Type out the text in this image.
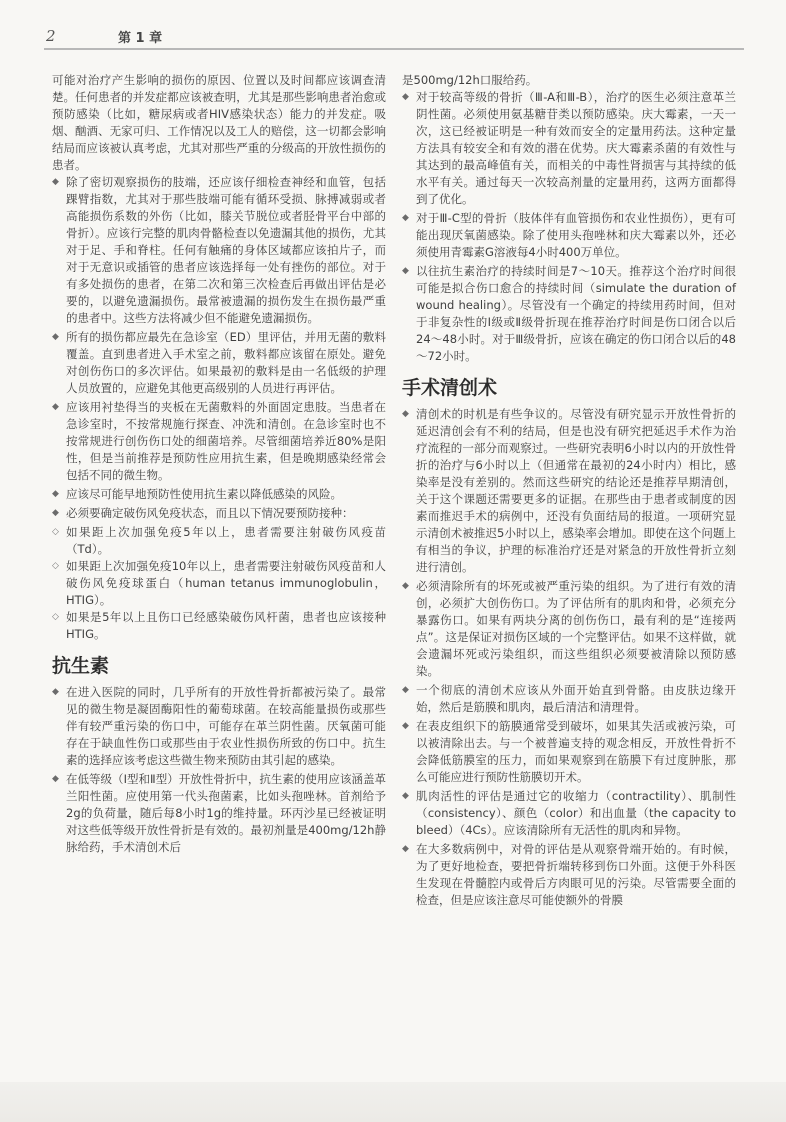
2	第 1 章

可能对治疗产生影响的损伤的原因、位置以及时间都应该调查清楚。任何患者的并发症都应该被查明，尤其是那些影响患者治愈或预防感染（比如，糖尿病或者HIV感染状态）能力的并发症。吸烟、酗酒、无家可归、工作情况以及工人的赔偿，这一切都会影响结局而应该被认真考虑，尤其对那些严重的分级高的开放性损伤的患者。

◆ 除了密切观察损伤的肢端，还应该仔细检查神经和血管，包括踝臂指数，尤其对于那些肢端可能有循环受损、脉搏减弱或者高能损伤系数的外伤（比如，膝关节脱位或者胫骨平台中部的骨折）。应该行完整的肌肉骨骼检查以免遗漏其他的损伤，尤其对于足、手和脊柱。任何有触痛的身体区域都应该拍片子，而对于无意识或插管的患者应该选择每一处有挫伤的部位。对于有多处损伤的患者，在第二次和第三次检查后再做出评估是必要的，以避免遗漏损伤。最常被遗漏的损伤发生在损伤最严重的患者中。这些方法将减少但不能避免遗漏损伤。
◆ 所有的损伤都应最先在急诊室（ED）里评估，并用无菌的敷料覆盖。直到患者进入手术室之前，敷料都应该留在原处。避免对创伤伤口的多次评估。如果最初的敷料是由一名低级的护理人员放置的，应避免其他更高级别的人员进行再评估。
◆ 应该用衬垫得当的夹板在无菌敷料的外面固定患肢。当患者在急诊室时，不按常规施行探查、冲洗和清创。在急诊室时也不按常规进行创伤伤口处的细菌培养。尽管细菌培养近80%是阳性，但是当前推荐是预防性应用抗生素，但是晚期感染经常会包括不同的微生物。
◆ 应该尽可能早地预防性使用抗生素以降低感染的风险。
◆ 必须要确定破伤风免疫状态，而且以下情况要预防接种：
◇ 如果距上次加强免疫5年以上，患者需要注射破伤风疫苗（Td）。
◇ 如果距上次加强免疫10年以上，患者需要注射破伤风疫苗和人破伤风免疫球蛋白（human tetanus immunoglobulin，HTIG）。
◇ 如果是5年以上且伤口已经感染破伤风杆菌，患者也应该接种HTIG。
抗生素
◆ 在进入医院的同时，几乎所有的开放性骨折都被污染了。最常见的微生物是凝固酶阳性的葡萄球菌。在较高能量损伤或那些伴有较严重污染的伤口中，可能存在革兰阴性菌。厌氧菌可能存在于缺血性伤口或那些由于农业性损伤所致的伤口中。抗生素的选择应该考虑这些微生物来预防由其引起的感染。
◆ 在低等级（Ⅰ型和Ⅱ型）开放性骨折中，抗生素的使用应该涵盖革兰阳性菌。应使用第一代头孢菌素，比如头孢唑林。首剂给予2g的负荷量，随后每8小时1g的维持量。环丙沙星已经被证明对这些低等级开放性骨折是有效的。最初剂量是400mg/12h静脉给药，手术清创术后

是500mg/12h口服给药。

◆ 对于较高等级的骨折（Ⅲ-A和Ⅲ-B），治疗的医生必须注意革兰阴性菌。必须使用氨基糖苷类以预防感染。庆大霉素，一天一次，这已经被证明是一种有效而安全的定量用药法。这种定量方法具有较安全和有效的潜在优势。庆大霉素杀菌的有效性与其达到的最高峰值有关，而相关的中毒性肾损害与其持续的低水平有关。通过每天一次较高剂量的定量用药，这两方面都得到了优化。
◆ 对于Ⅲ-C型的骨折（肢体伴有血管损伤和农业性损伤），更有可能出现厌氧菌感染。除了使用头孢唑林和庆大霉素以外，还必须使用青霉素G溶液每4小时400万单位。
◆ 以往抗生素治疗的持续时间是7～10天。推荐这个治疗时间很可能是拟合伤口愈合的持续时间（simulate the duration of wound healing）。尽管没有一个确定的持续用药时间，但对于非复杂性的Ⅰ级或Ⅱ级骨折现在推荐治疗时间是伤口闭合以后24～48小时。对于Ⅲ级骨折，应该在确定的伤口闭合以后的48～72小时。
手术清创术
◆ 清创术的时机是有些争议的。尽管没有研究显示开放性骨折的延迟清创会有不利的结局，但是也没有研究把延迟手术作为治疗流程的一部分而观察过。一些研究表明6小时以内的开放性骨折的治疗与6小时以上（但通常在最初的24小时内）相比，感染率是没有差别的。然而这些研究的结论还是推荐早期清创，关于这个课题还需要更多的证据。在那些由于患者或制度的因素而推迟手术的病例中，还没有负面结局的报道。一项研究显示清创术被推迟5小时以上，感染率会增加。即使在这个问题上有相当的争议，护理的标准治疗还是对紧急的开放性骨折立刻进行清创。
◆ 必须清除所有的坏死或被严重污染的组织。为了进行有效的清创，必须扩大创伤伤口。为了评估所有的肌肉和骨，必须充分暴露伤口。如果有两块分离的创伤伤口，最有利的是“连接两点”。这是保证对损伤区域的一个完整评估。如果不这样做，就会遗漏坏死或污染组织，而这些组织必须要被清除以预防感染。
◆ 一个彻底的清创术应该从外面开始直到骨骼。由皮肤边缘开始，然后是筋膜和肌肉，最后清洁和清理骨。
◆ 在表皮组织下的筋膜通常受到破坏，如果其失活或被污染，可以被清除出去。与一个被普遍支持的观念相反，开放性骨折不会降低筋膜室的压力，而如果观察到在筋膜下有过度肿胀，那么可能应进行预防性筋膜切开术。
◆ 肌肉活性的评估是通过它的收缩力（contractility）、肌制性（consistency）、颜色（color）和出血量（the capacity to bleed）（4Cs）。应该清除所有无活性的肌肉和异物。
◆ 在大多数病例中，对骨的评估是从观察骨端开始的。有时候，为了更好地检查，要把骨折端转移到伤口外面。这便于外科医生发现在骨髓腔内或骨后方肉眼可见的污染。尽管需要全面的检查，但是应该注意尽可能使额外的骨膜
